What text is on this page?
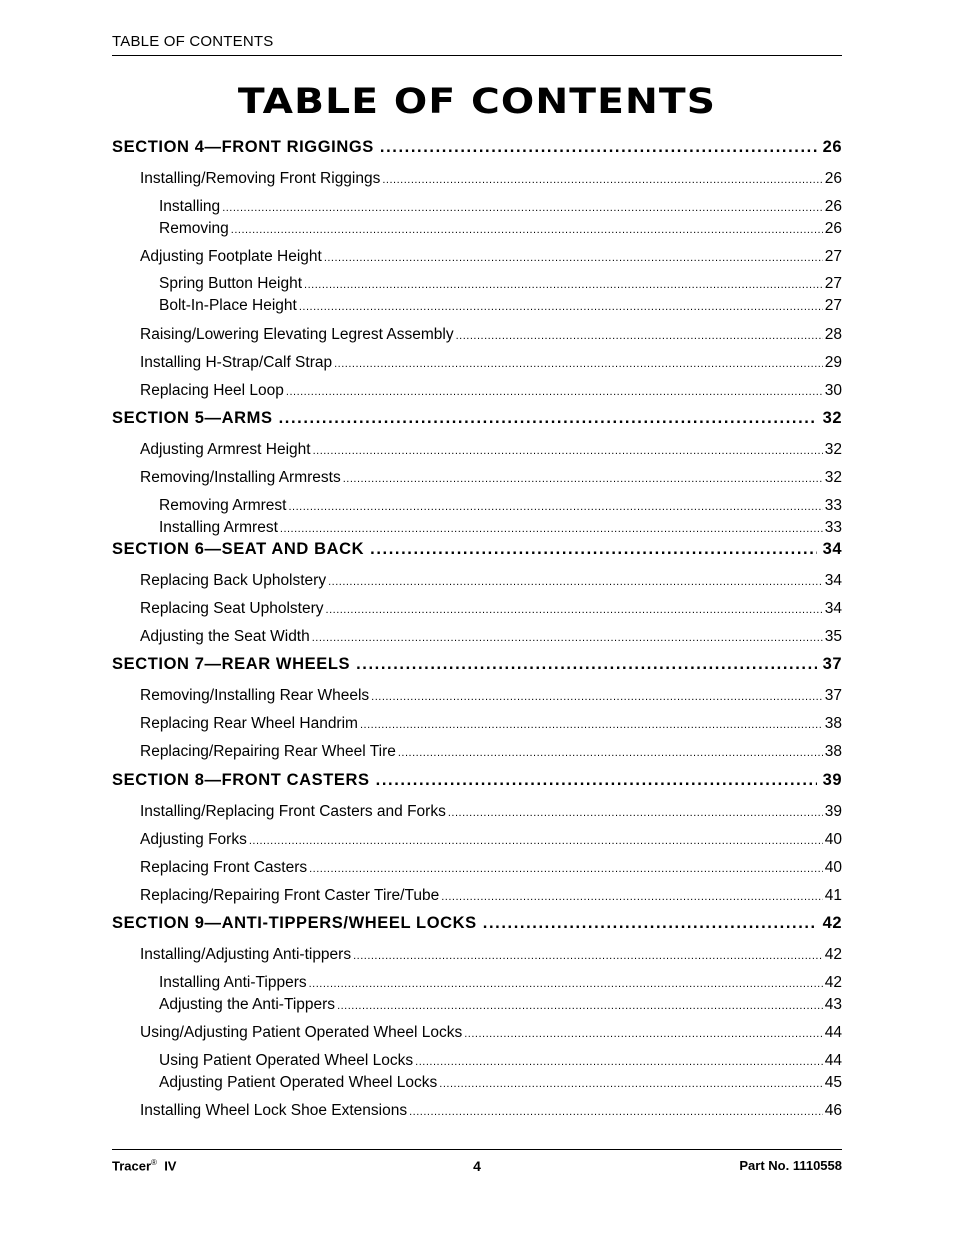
TABLE OF CONTENTS
TABLE OF CONTENTS
SECTION 4—FRONT RIGGINGS .....	26
Installing/Removing Front Riggings .....	26
Installing .....	26
Removing .....	26
Adjusting Footplate Height .....	27
Spring Button Height .....	27
Bolt-In-Place Height .....	27
Raising/Lowering Elevating Legrest Assembly .....	28
Installing H-Strap/Calf Strap .....	29
Replacing Heel Loop .....	30
SECTION 5—ARMS .....	32
Adjusting Armrest Height .....	32
Removing/Installing Armrests .....	32
Removing Armrest .....	33
Installing Armrest .....	33
SECTION 6—SEAT AND BACK .....	34
Replacing Back Upholstery .....	34
Replacing Seat Upholstery .....	34
Adjusting the Seat Width .....	35
SECTION 7—REAR WHEELS .....	37
Removing/Installing Rear Wheels .....	37
Replacing Rear Wheel Handrim .....	38
Replacing/Repairing Rear Wheel Tire .....	38
SECTION 8—FRONT CASTERS .....	39
Installing/Replacing Front Casters and Forks .....	39
Adjusting Forks .....	40
Replacing Front Casters .....	40
Replacing/Repairing Front Caster Tire/Tube .....	41
SECTION 9—ANTI-TIPPERS/WHEEL LOCKS .....	42
Installing/Adjusting Anti-tippers .....	42
Installing Anti-Tippers .....	42
Adjusting the Anti-Tippers .....	43
Using/Adjusting Patient Operated Wheel Locks .....	44
Using Patient Operated Wheel Locks .....	44
Adjusting Patient Operated Wheel Locks .....	45
Installing Wheel Lock Shoe Extensions .....	46
Tracer® IV	4	Part No. 1110558
